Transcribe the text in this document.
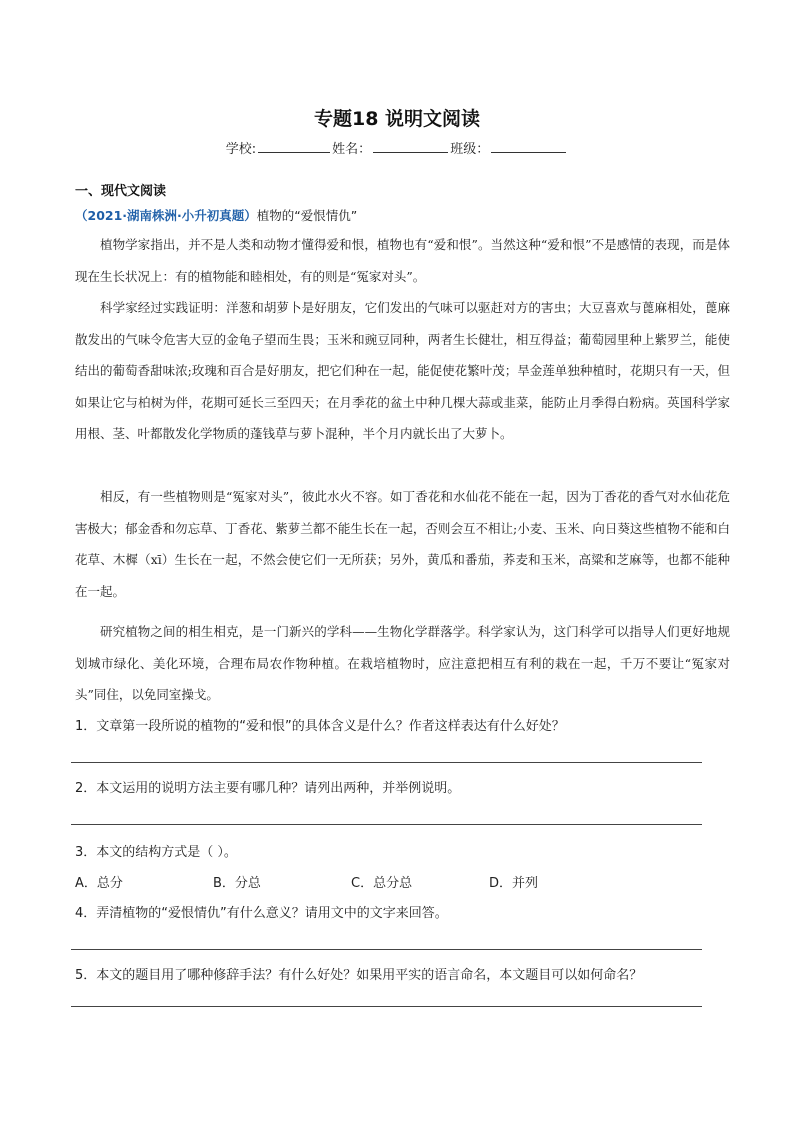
专题18 说明文阅读
学校:	姓名：	班级：
一、现代文阅读
（2021·湖南株洲·小升初真题）植物的“爱恨情仇”

植物学家指出，并不是人类和动物才懂得爱和恨，植物也有“爱和恨”。当然这种“爱和恨”不是感情的表现，而是体现在生长状况上：有的植物能和睦相处，有的则是“冤家对头”。

科学家经过实践证明：洋葱和胡萝卜是好朋友，它们发出的气味可以驱赶对方的害虫；大豆喜欢与蓖麻相处，蓖麻散发出的气味令危害大豆的金龟子望而生畏；玉米和豌豆同种，两者生长健壮，相互得益；葡萄园里种上紫罗兰，能使结出的葡萄香甜味浓;玫瑰和百合是好朋友，把它们种在一起，能促使花繁叶茂；旱金莲单独种植时，花期只有一天，但如果让它与柏树为伴，花期可延长三至四天；在月季花的盆土中种几棵大蒜或韭菜，能防止月季得白粉病。英国科学家用根、茎、叶都散发化学物质的蓬钱草与萝卜混种，半个月内就长出了大萝卜。

相反，有一些植物则是“冤家对头”，彼此水火不容。如丁香花和水仙花不能在一起，因为丁香花的香气对水仙花危害极大；郁金香和勿忘草、丁香花、紫萝兰都不能生长在一起，否则会互不相让;小麦、玉米、向日葵这些植物不能和白花草、木樨（xī）生长在一起，不然会使它们一无所获；另外，黄瓜和番茄，荞麦和玉米，高粱和芝麻等，也都不能种在一起。

研究植物之间的相生相克，是一门新兴的学科——生物化学群落学。科学家认为，这门科学可以指导人们更好地规划城市绿化、美化环境，合理布局农作物种植。在栽培植物时，应注意把相互有利的栽在一起，千万不要让“冤家对头”同住，以免同室操戈。

1．文章第一段所说的植物的“爱和恨”的具体含义是什么？作者这样表达有什么好处？
2．本文运用的说明方法主要有哪几种？请列出两种，并举例说明。
3．本文的结构方式是（ ）。
A．总分	B．分总	C．总分总	D．并列
4．弄清植物的“爱恨情仇”有什么意义？请用文中的文字来回答。
5．本文的题目用了哪种修辞手法？有什么好处？如果用平实的语言命名，本文题目可以如何命名？
